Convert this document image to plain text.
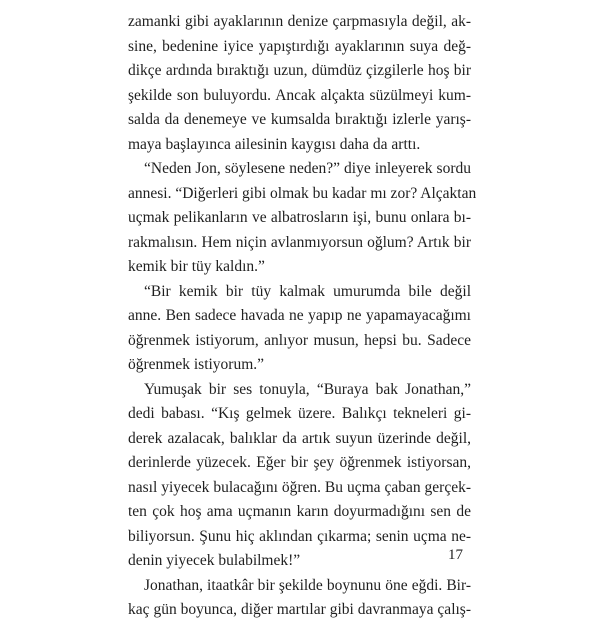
zamanki gibi ayaklarının denize çarpmasıyla değil, ak-
sine, bedenine iyice yapıştırdığı ayaklarının suya değ-
dikçe ardında bıraktığı uzun, dümdüz çizgilerle hoş bir
şekilde son buluyordu. Ancak alçakta süzülmeyi kum-
salda da denemeye ve kumsalda bıraktığı izlerle yarış-
maya başlayınca ailesinin kaygısı daha da arttı.
“Neden Jon, söylesene neden?” diye inleyerek sordu
annesi. “Diğerleri gibi olmak bu kadar mı zor? Alçaktan
uçmak pelikanların ve albatrosların işi, bunu onlara bı-
rakmalısın. Hem niçin avlanmıyorsun oğlum? Artık bir
kemik bir tüy kaldın.”
“Bir kemik bir tüy kalmak umurumda bile değil
anne. Ben sadece havada ne yapıp ne yapamayacağımı
öğrenmek istiyorum, anlıyor musun, hepsi bu. Sadece
öğrenmek istiyorum.”
Yumuşak bir ses tonuyla, “Buraya bak Jonathan,”
dedi babası. “Kış gelmek üzere. Balıkçı tekneleri gi-
derek azalacak, balıklar da artık suyun üzerinde değil,
derinlerde yüzecek. Eğer bir şey öğrenmek istiyorsan,
nasıl yiyecek bulacağını öğren. Bu uçma çaban gerçek-
ten çok hoş ama uçmanın karın doyurmadığını sen de
biliyorsun. Şunu hiç aklından çıkarma; senin uçma ne-
denin yiyecek bulabilmek!”
Jonathan, itaatkâr bir şekilde boynunu öne eğdi. Bir-
kaç gün boyunca, diğer martılar gibi davranmaya çalış-
17
